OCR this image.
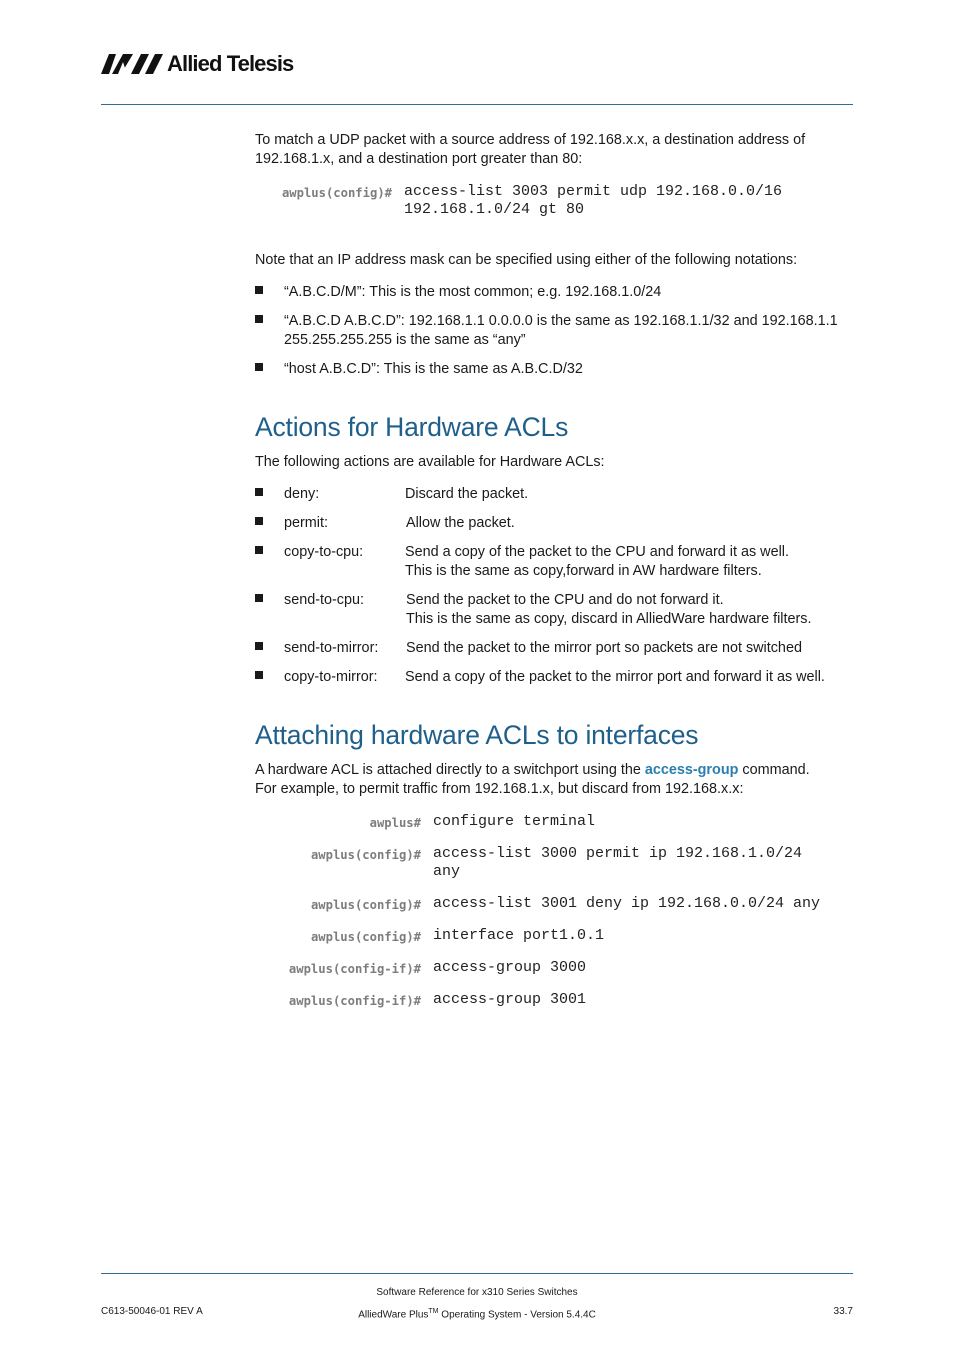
Allied Telesis
To match a UDP packet with a source address of 192.168.x.x, a destination address of 192.168.1.x, and a destination port greater than 80:
awplus(config)# access-list 3003 permit udp 192.168.0.0/16
192.168.1.0/24 gt 80
Note that an IP address mask can be specified using either of the following notations:
“A.B.C.D/M”: This is the most common; e.g. 192.168.1.0/24
“A.B.C.D A.B.C.D”: 192.168.1.1 0.0.0.0 is the same as 192.168.1.1/32 and 192.168.1.1 255.255.255.255 is the same as “any”
“host A.B.C.D”: This is the same as A.B.C.D/32
Actions for Hardware ACLs
The following actions are available for Hardware ACLs:
deny:	Discard the packet.
permit:	Allow the packet.
copy-to-cpu:	Send a copy of the packet to the CPU and forward it as well.
This is the same as copy,forward in AW hardware filters.
send-to-cpu:	Send the packet to the CPU and do not forward it.
This is the same as copy, discard in AlliedWare hardware filters.
send-to-mirror: Send the packet to the mirror port so packets are not switched
copy-to-mirror: Send a copy of the packet to the mirror port and forward it as well.
Attaching hardware ACLs to interfaces
A hardware ACL is attached directly to a switchport using the access-group command.
For example, to permit traffic from 192.168.1.x, but discard from 192.168.x.x:
awplus# configure terminal
awplus(config)# access-list 3000 permit ip 192.168.1.0/24
any
awplus(config)# access-list 3001 deny ip 192.168.0.0/24 any
awplus(config)# interface port1.0.1
awplus(config-if)# access-group 3000
awplus(config-if)# access-group 3001
Software Reference for x310 Series Switches
C613-50046-01 REV A	AlliedWare Plus™ Operating System - Version 5.4.4C	33.7
